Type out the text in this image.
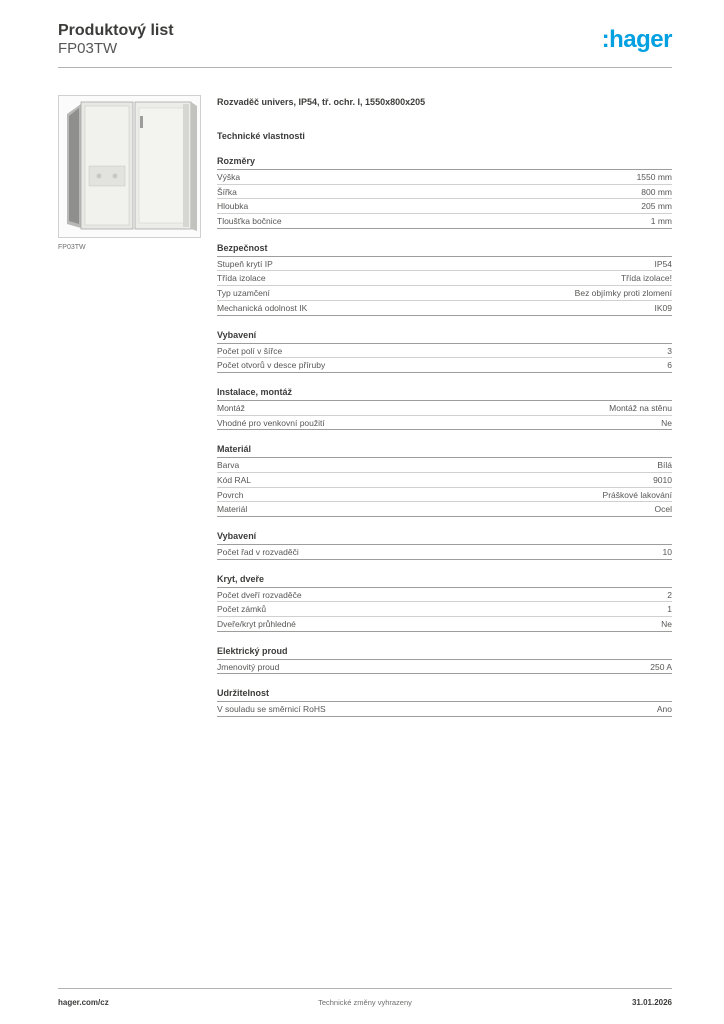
Produktový list
FP03TW	:hager
FP03TW
Rozvaděč univers, IP54, tř. ochr. I, 1550x800x205
Technické vlastnosti
Rozměry
Výška	1550 mm
Šířka	800 mm
Hloubka	205 mm
Tloušťka bočnice	1 mm
Bezpečnost
Stupeň krytí IP	IP54
Třída izolace	Třída izolace!
Typ uzamčení	Bez objímky proti zlomení
Mechanická odolnost IK	IK09
Vybavení
Počet polí v šířce	3
Počet otvorů v desce příruby	6
Instalace, montáž
Montáž	Montáž na stěnu
Vhodné pro venkovní použití	Ne
Materiál
Barva	Bílá
Kód RAL	9010
Povrch	Práškové lakování
Materiál	Ocel
Vybavení
Počet řad v rozvaděči	10
Kryt, dveře
Počet dveří rozvaděče	2
Počet zámků	1
Dveře/kryt průhledné	Ne
Elektrický proud
Jmenovitý proud	250 A
Udržitelnost
V souladu se směrnicí RoHS	Ano
hager.com/cz	Technické změny vyhrazeny	31.01.2026
